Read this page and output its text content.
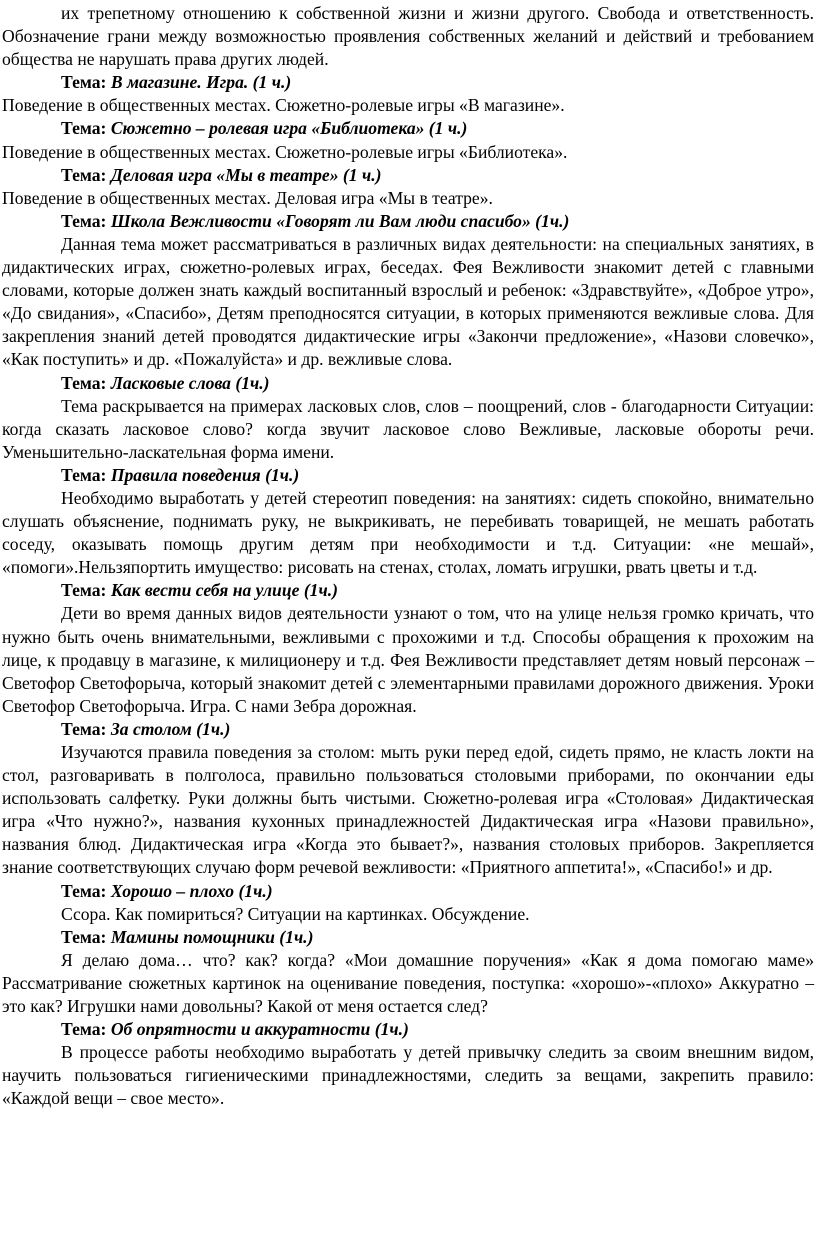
их трепетному отношению к собственной жизни и жизни другого. Свобода и ответственность. Обозначение грани между возможностью проявления собственных желаний и действий и требованием общества не нарушать права других людей.

Тема: В магазине. Игра. (1 ч.)

Поведение в общественных местах. Сюжетно-ролевые игры «В магазине».

Тема: Сюжетно – ролевая игра «Библиотека» (1 ч.)

Поведение в общественных местах. Сюжетно-ролевые игры «Библиотека».

Тема: Деловая игра «Мы в театре» (1 ч.)

Поведение в общественных местах. Деловая игра «Мы в театре».

Тема: Школа Вежливости «Говорят ли Вам люди спасибо» (1ч.)

Данная тема может рассматриваться в различных видах деятельности: на специальных занятиях, в дидактических играх, сюжетно-ролевых играх, беседах. Фея Вежливости знакомит детей с главными словами, которые должен знать каждый воспитанный взрослый и ребенок: «Здравствуйте», «Доброе утро», «До свидания», «Спасибо», Детям преподносятся ситуации, в которых применяются вежливые слова. Для закрепления знаний детей проводятся дидактические игры «Закончи предложение», «Назови словечко», «Как поступить» и др. «Пожалуйста» и др. вежливые слова.

Тема: Ласковые слова (1ч.)

Тема раскрывается на примерах ласковых слов, слов – поощрений, слов - благодарности Ситуации: когда сказать ласковое слово? когда звучит ласковое слово Вежливые, ласковые обороты речи. Уменьшительно-ласкательная форма имени.

Тема: Правила поведения (1ч.)

Необходимо выработать у детей стереотип поведения: на занятиях: сидеть спокойно, внимательно слушать объяснение, поднимать руку, не выкрикивать, не перебивать товарищей, не мешать работать соседу, оказывать помощь другим детям при необходимости и т.д. Ситуации: «не мешай», «помоги».Нельзяпортить имущество: рисовать на стенах, столах, ломать игрушки, рвать цветы и т.д.

Тема: Как вести себя на улице (1ч.)

Дети во время данных видов деятельности узнают о том, что на улице нельзя громко кричать, что нужно быть очень внимательными, вежливыми с прохожими и т.д. Способы обращения к прохожим на лице, к продавцу в магазине, к милиционеру и т.д. Фея Вежливости представляет детям новый персонаж – Светофор Светофорыча, который знакомит детей с элементарными правилами дорожного движения. Уроки Светофор Светофорыча. Игра. С нами Зебра дорожная.

Тема: За столом (1ч.)

Изучаются правила поведения за столом: мыть руки перед едой, сидеть прямо, не класть локти на стол, разговаривать в полголоса, правильно пользоваться столовыми приборами, по окончании еды использовать салфетку. Руки должны быть чистыми. Сюжетно-ролевая игра «Столовая» Дидактическая игра «Что нужно?», названия кухонных принадлежностей Дидактическая игра «Назови правильно», названия блюд. Дидактическая игра «Когда это бывает?», названия столовых приборов. Закрепляется знание соответствующих случаю форм речевой вежливости: «Приятного аппетита!», «Спасибо!» и др.

Тема: Хорошо – плохо (1ч.)

Ссора. Как помириться? Ситуации на картинках. Обсуждение.

Тема: Мамины помощники (1ч.)

Я делаю дома… что? как? когда? «Мои домашние поручения» «Как я дома помогаю маме» Рассматривание сюжетных картинок на оценивание поведения, поступка: «хорошо»-«плохо» Аккуратно – это как? Игрушки нами довольны? Какой от меня остается след?

Тема: Об опрятности и аккуратности (1ч.)

В процессе работы необходимо выработать у детей привычку следить за своим внешним видом, научить пользоваться гигиеническими принадлежностями, следить за вещами, закрепить правило: «Каждой вещи – свое место».
